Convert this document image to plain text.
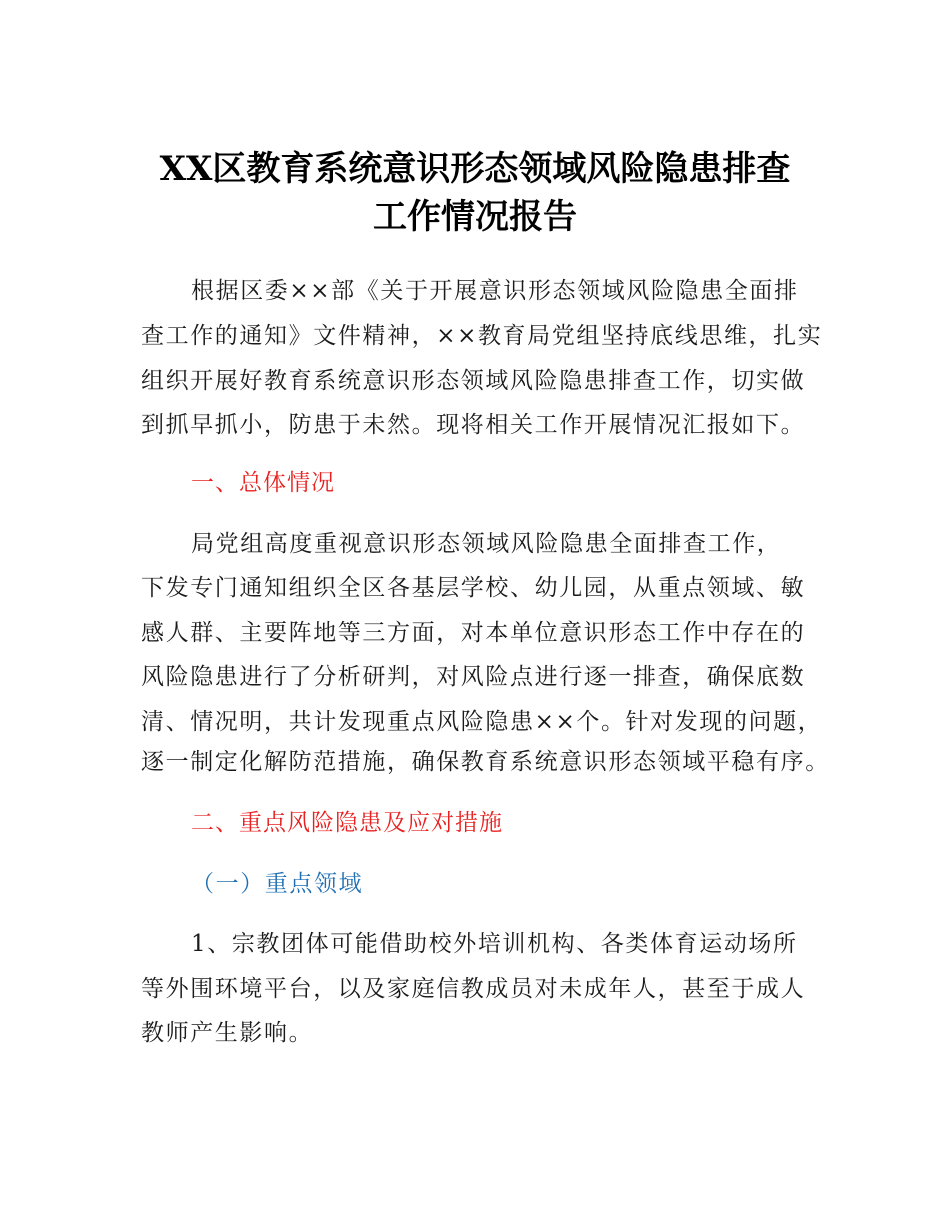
XX区教育系统意识形态领域风险隐患排查
工作情况报告
根据区委××部《关于开展意识形态领域风险隐患全面排
查工作的通知》文件精神，××教育局党组坚持底线思维，扎实
组织开展好教育系统意识形态领域风险隐患排查工作，切实做
到抓早抓小，防患于未然。现将相关工作开展情况汇报如下。
一、总体情况
局党组高度重视意识形态领域风险隐患全面排查工作，
下发专门通知组织全区各基层学校、幼儿园，从重点领域、敏
感人群、主要阵地等三方面，对本单位意识形态工作中存在的
风险隐患进行了分析研判，对风险点进行逐一排查，确保底数
清、情况明，共计发现重点风险隐患××个。针对发现的问题，
逐一制定化解防范措施，确保教育系统意识形态领域平稳有序。
二、重点风险隐患及应对措施
（一）重点领域
1、宗教团体可能借助校外培训机构、各类体育运动场所
等外围环境平台，以及家庭信教成员对未成年人，甚至于成人
教师产生影响。
